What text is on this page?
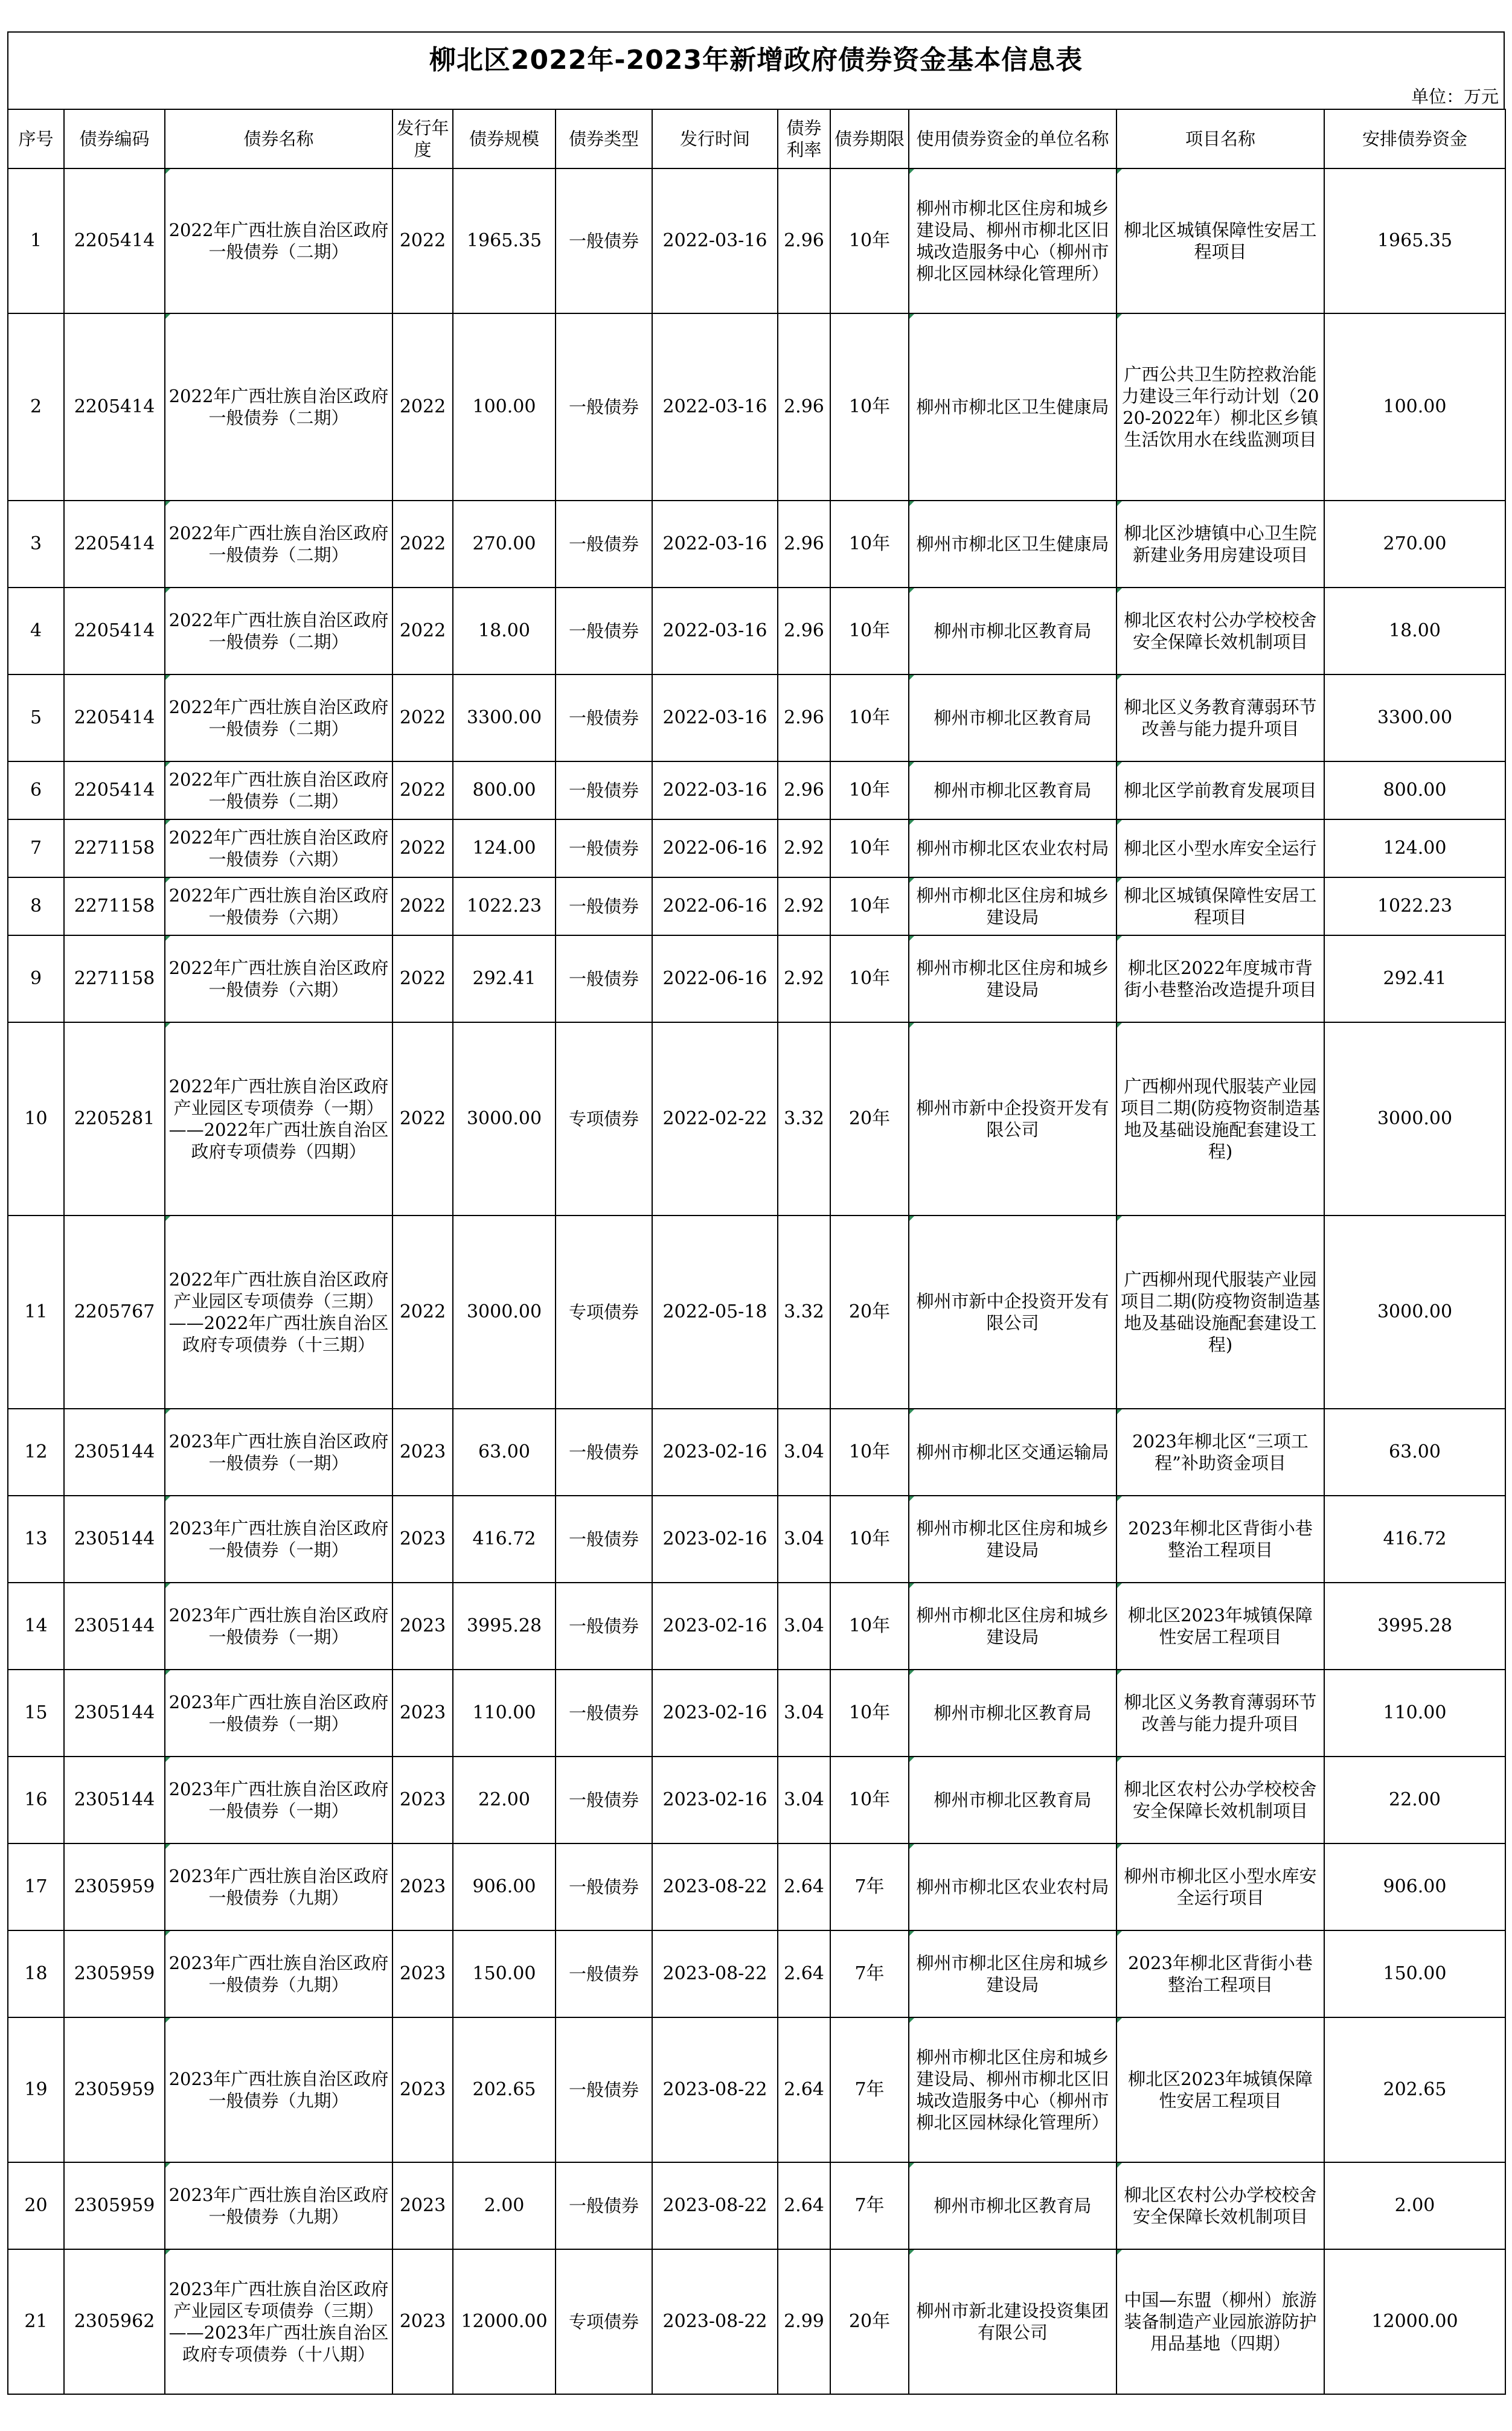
柳北区2022年-2023年新增政府债券资金基本信息表
单位：万元
序号	债券编码	债券名称	发行年度	债券规模	债券类型	发行时间	债券利率	债券期限	使用债券资金的单位名称	项目名称	安排债券资金
1	2205414	2022年广西壮族自治区政府一般债券（二期）	2022	1965.35	一般债券	2022-03-16	2.96	10年	柳州市柳北区住房和城乡建设局、柳州市柳北区旧城改造服务中心（柳州市柳北区园林绿化管理所）	柳北区城镇保障性安居工程项目	1965.35
2	2205414	2022年广西壮族自治区政府一般债券（二期）	2022	100.00	一般债券	2022-03-16	2.96	10年	柳州市柳北区卫生健康局	广西公共卫生防控救治能力建设三年行动计划（2020-2022年）柳北区乡镇生活饮用水在线监测项目	100.00
3	2205414	2022年广西壮族自治区政府一般债券（二期）	2022	270.00	一般债券	2022-03-16	2.96	10年	柳州市柳北区卫生健康局	柳北区沙塘镇中心卫生院新建业务用房建设项目	270.00
4	2205414	2022年广西壮族自治区政府一般债券（二期）	2022	18.00	一般债券	2022-03-16	2.96	10年	柳州市柳北区教育局	柳北区农村公办学校校舍安全保障长效机制项目	18.00
5	2205414	2022年广西壮族自治区政府一般债券（二期）	2022	3300.00	一般债券	2022-03-16	2.96	10年	柳州市柳北区教育局	柳北区义务教育薄弱环节改善与能力提升项目	3300.00
6	2205414	2022年广西壮族自治区政府一般债券（二期）	2022	800.00	一般债券	2022-03-16	2.96	10年	柳州市柳北区教育局	柳北区学前教育发展项目	800.00
7	2271158	2022年广西壮族自治区政府一般债券（六期）	2022	124.00	一般债券	2022-06-16	2.92	10年	柳州市柳北区农业农村局	柳北区小型水库安全运行	124.00
8	2271158	2022年广西壮族自治区政府一般债券（六期）	2022	1022.23	一般债券	2022-06-16	2.92	10年	柳州市柳北区住房和城乡建设局	柳北区城镇保障性安居工程项目	1022.23
9	2271158	2022年广西壮族自治区政府一般债券（六期）	2022	292.41	一般债券	2022-06-16	2.92	10年	柳州市柳北区住房和城乡建设局	柳北区2022年度城市背街小巷整治改造提升项目	292.41
10	2205281	2022年广西壮族自治区政府产业园区专项债券（一期）——2022年广西壮族自治区政府专项债券（四期）	2022	3000.00	专项债券	2022-02-22	3.32	20年	柳州市新中企投资开发有限公司	广西柳州现代服装产业园项目二期(防疫物资制造基地及基础设施配套建设工程)	3000.00
11	2205767	2022年广西壮族自治区政府产业园区专项债券（三期）——2022年广西壮族自治区政府专项债券（十三期）	2022	3000.00	专项债券	2022-05-18	3.32	20年	柳州市新中企投资开发有限公司	广西柳州现代服装产业园项目二期(防疫物资制造基地及基础设施配套建设工程)	3000.00
12	2305144	2023年广西壮族自治区政府一般债券（一期）	2023	63.00	一般债券	2023-02-16	3.04	10年	柳州市柳北区交通运输局	2023年柳北区“三项工程”补助资金项目	63.00
13	2305144	2023年广西壮族自治区政府一般债券（一期）	2023	416.72	一般债券	2023-02-16	3.04	10年	柳州市柳北区住房和城乡建设局	2023年柳北区背街小巷整治工程项目	416.72
14	2305144	2023年广西壮族自治区政府一般债券（一期）	2023	3995.28	一般债券	2023-02-16	3.04	10年	柳州市柳北区住房和城乡建设局	柳北区2023年城镇保障性安居工程项目	3995.28
15	2305144	2023年广西壮族自治区政府一般债券（一期）	2023	110.00	一般债券	2023-02-16	3.04	10年	柳州市柳北区教育局	柳北区义务教育薄弱环节改善与能力提升项目	110.00
16	2305144	2023年广西壮族自治区政府一般债券（一期）	2023	22.00	一般债券	2023-02-16	3.04	10年	柳州市柳北区教育局	柳北区农村公办学校校舍安全保障长效机制项目	22.00
17	2305959	2023年广西壮族自治区政府一般债券（九期）	2023	906.00	一般债券	2023-08-22	2.64	7年	柳州市柳北区农业农村局	柳州市柳北区小型水库安全运行项目	906.00
18	2305959	2023年广西壮族自治区政府一般债券（九期）	2023	150.00	一般债券	2023-08-22	2.64	7年	柳州市柳北区住房和城乡建设局	2023年柳北区背街小巷整治工程项目	150.00
19	2305959	2023年广西壮族自治区政府一般债券（九期）	2023	202.65	一般债券	2023-08-22	2.64	7年	柳州市柳北区住房和城乡建设局、柳州市柳北区旧城改造服务中心（柳州市柳北区园林绿化管理所）	柳北区2023年城镇保障性安居工程项目	202.65
20	2305959	2023年广西壮族自治区政府一般债券（九期）	2023	2.00	一般债券	2023-08-22	2.64	7年	柳州市柳北区教育局	柳北区农村公办学校校舍安全保障长效机制项目	2.00
21	2305962	2023年广西壮族自治区政府产业园区专项债券（三期）——2023年广西壮族自治区政府专项债券（十八期）	2023	12000.00	专项债券	2023-08-22	2.99	20年	柳州市新北建设投资集团有限公司	中国—东盟（柳州）旅游装备制造产业园旅游防护用品基地（四期）	12000.00
